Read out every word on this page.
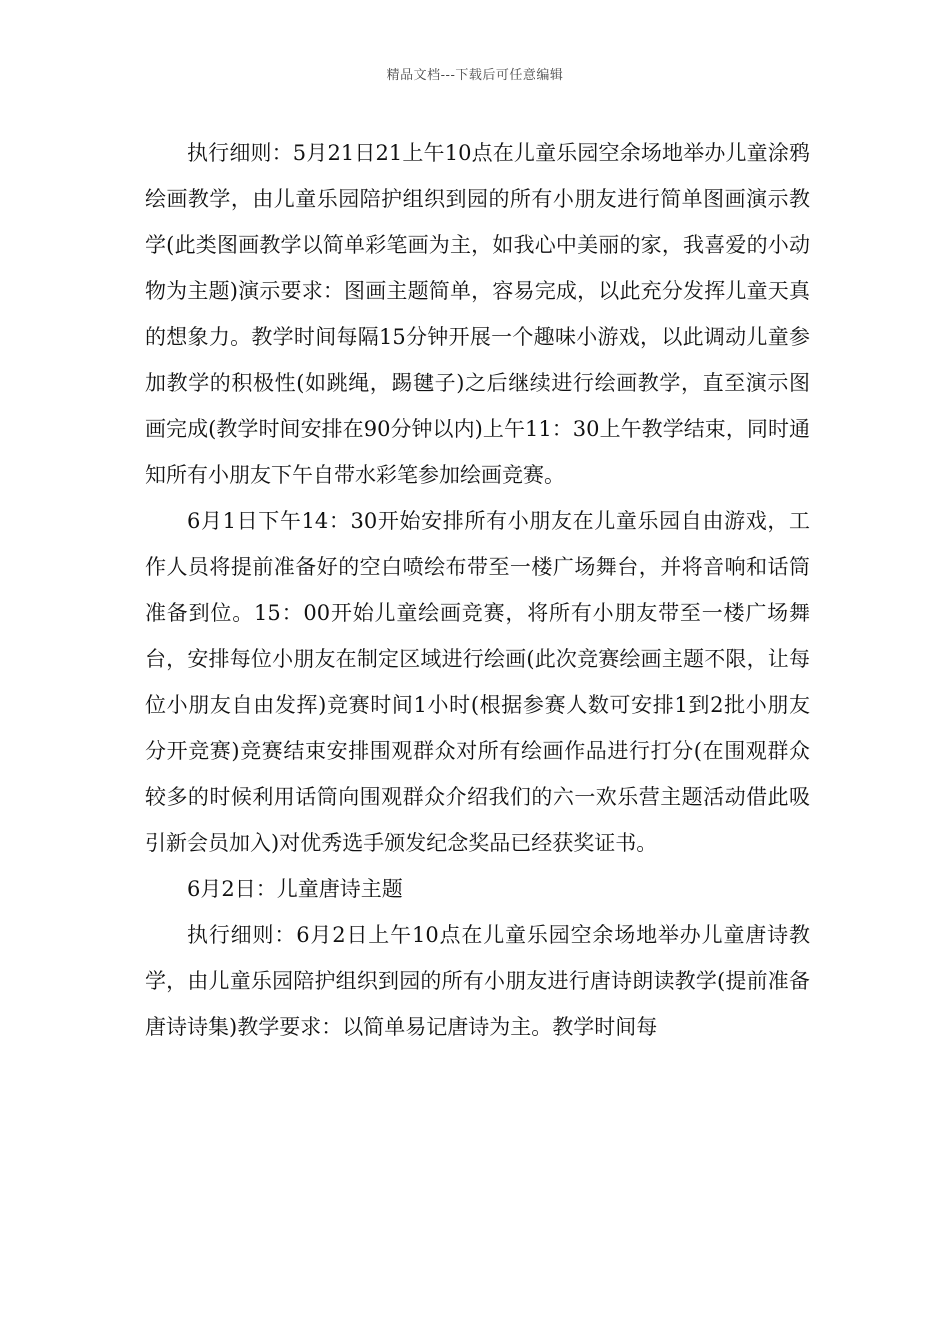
精品文档---下载后可任意编辑

执行细则：5月21日21上午10点在儿童乐园空余场地举办儿童涂鸦绘画教学，由儿童乐园陪护组织到园的所有小朋友进行简单图画演示教学(此类图画教学以简单彩笔画为主，如我心中美丽的家，我喜爱的小动物为主题)演示要求：图画主题简单，容易完成，以此充分发挥儿童天真的想象力。教学时间每隔15分钟开展一个趣味小游戏，以此调动儿童参加教学的积极性(如跳绳，踢毽子)之后继续进行绘画教学，直至演示图画完成(教学时间安排在90分钟以内)上午11：30上午教学结束，同时通知所有小朋友下午自带水彩笔参加绘画竞赛。

6月1日下午14：30开始安排所有小朋友在儿童乐园自由游戏，工作人员将提前准备好的空白喷绘布带至一楼广场舞台，并将音响和话筒准备到位。15：00开始儿童绘画竞赛，将所有小朋友带至一楼广场舞台，安排每位小朋友在制定区域进行绘画(此次竞赛绘画主题不限，让每位小朋友自由发挥)竞赛时间1小时(根据参赛人数可安排1到2批小朋友分开竞赛)竞赛结束安排围观群众对所有绘画作品进行打分(在围观群众较多的时候利用话筒向围观群众介绍我们的六一欢乐营主题活动借此吸引新会员加入)对优秀选手颁发纪念奖品已经获奖证书。

6月2日：儿童唐诗主题

执行细则：6月2日上午10点在儿童乐园空余场地举办儿童唐诗教学，由儿童乐园陪护组织到园的所有小朋友进行唐诗朗读教学(提前准备唐诗诗集)教学要求：以简单易记唐诗为主。教学时间每
